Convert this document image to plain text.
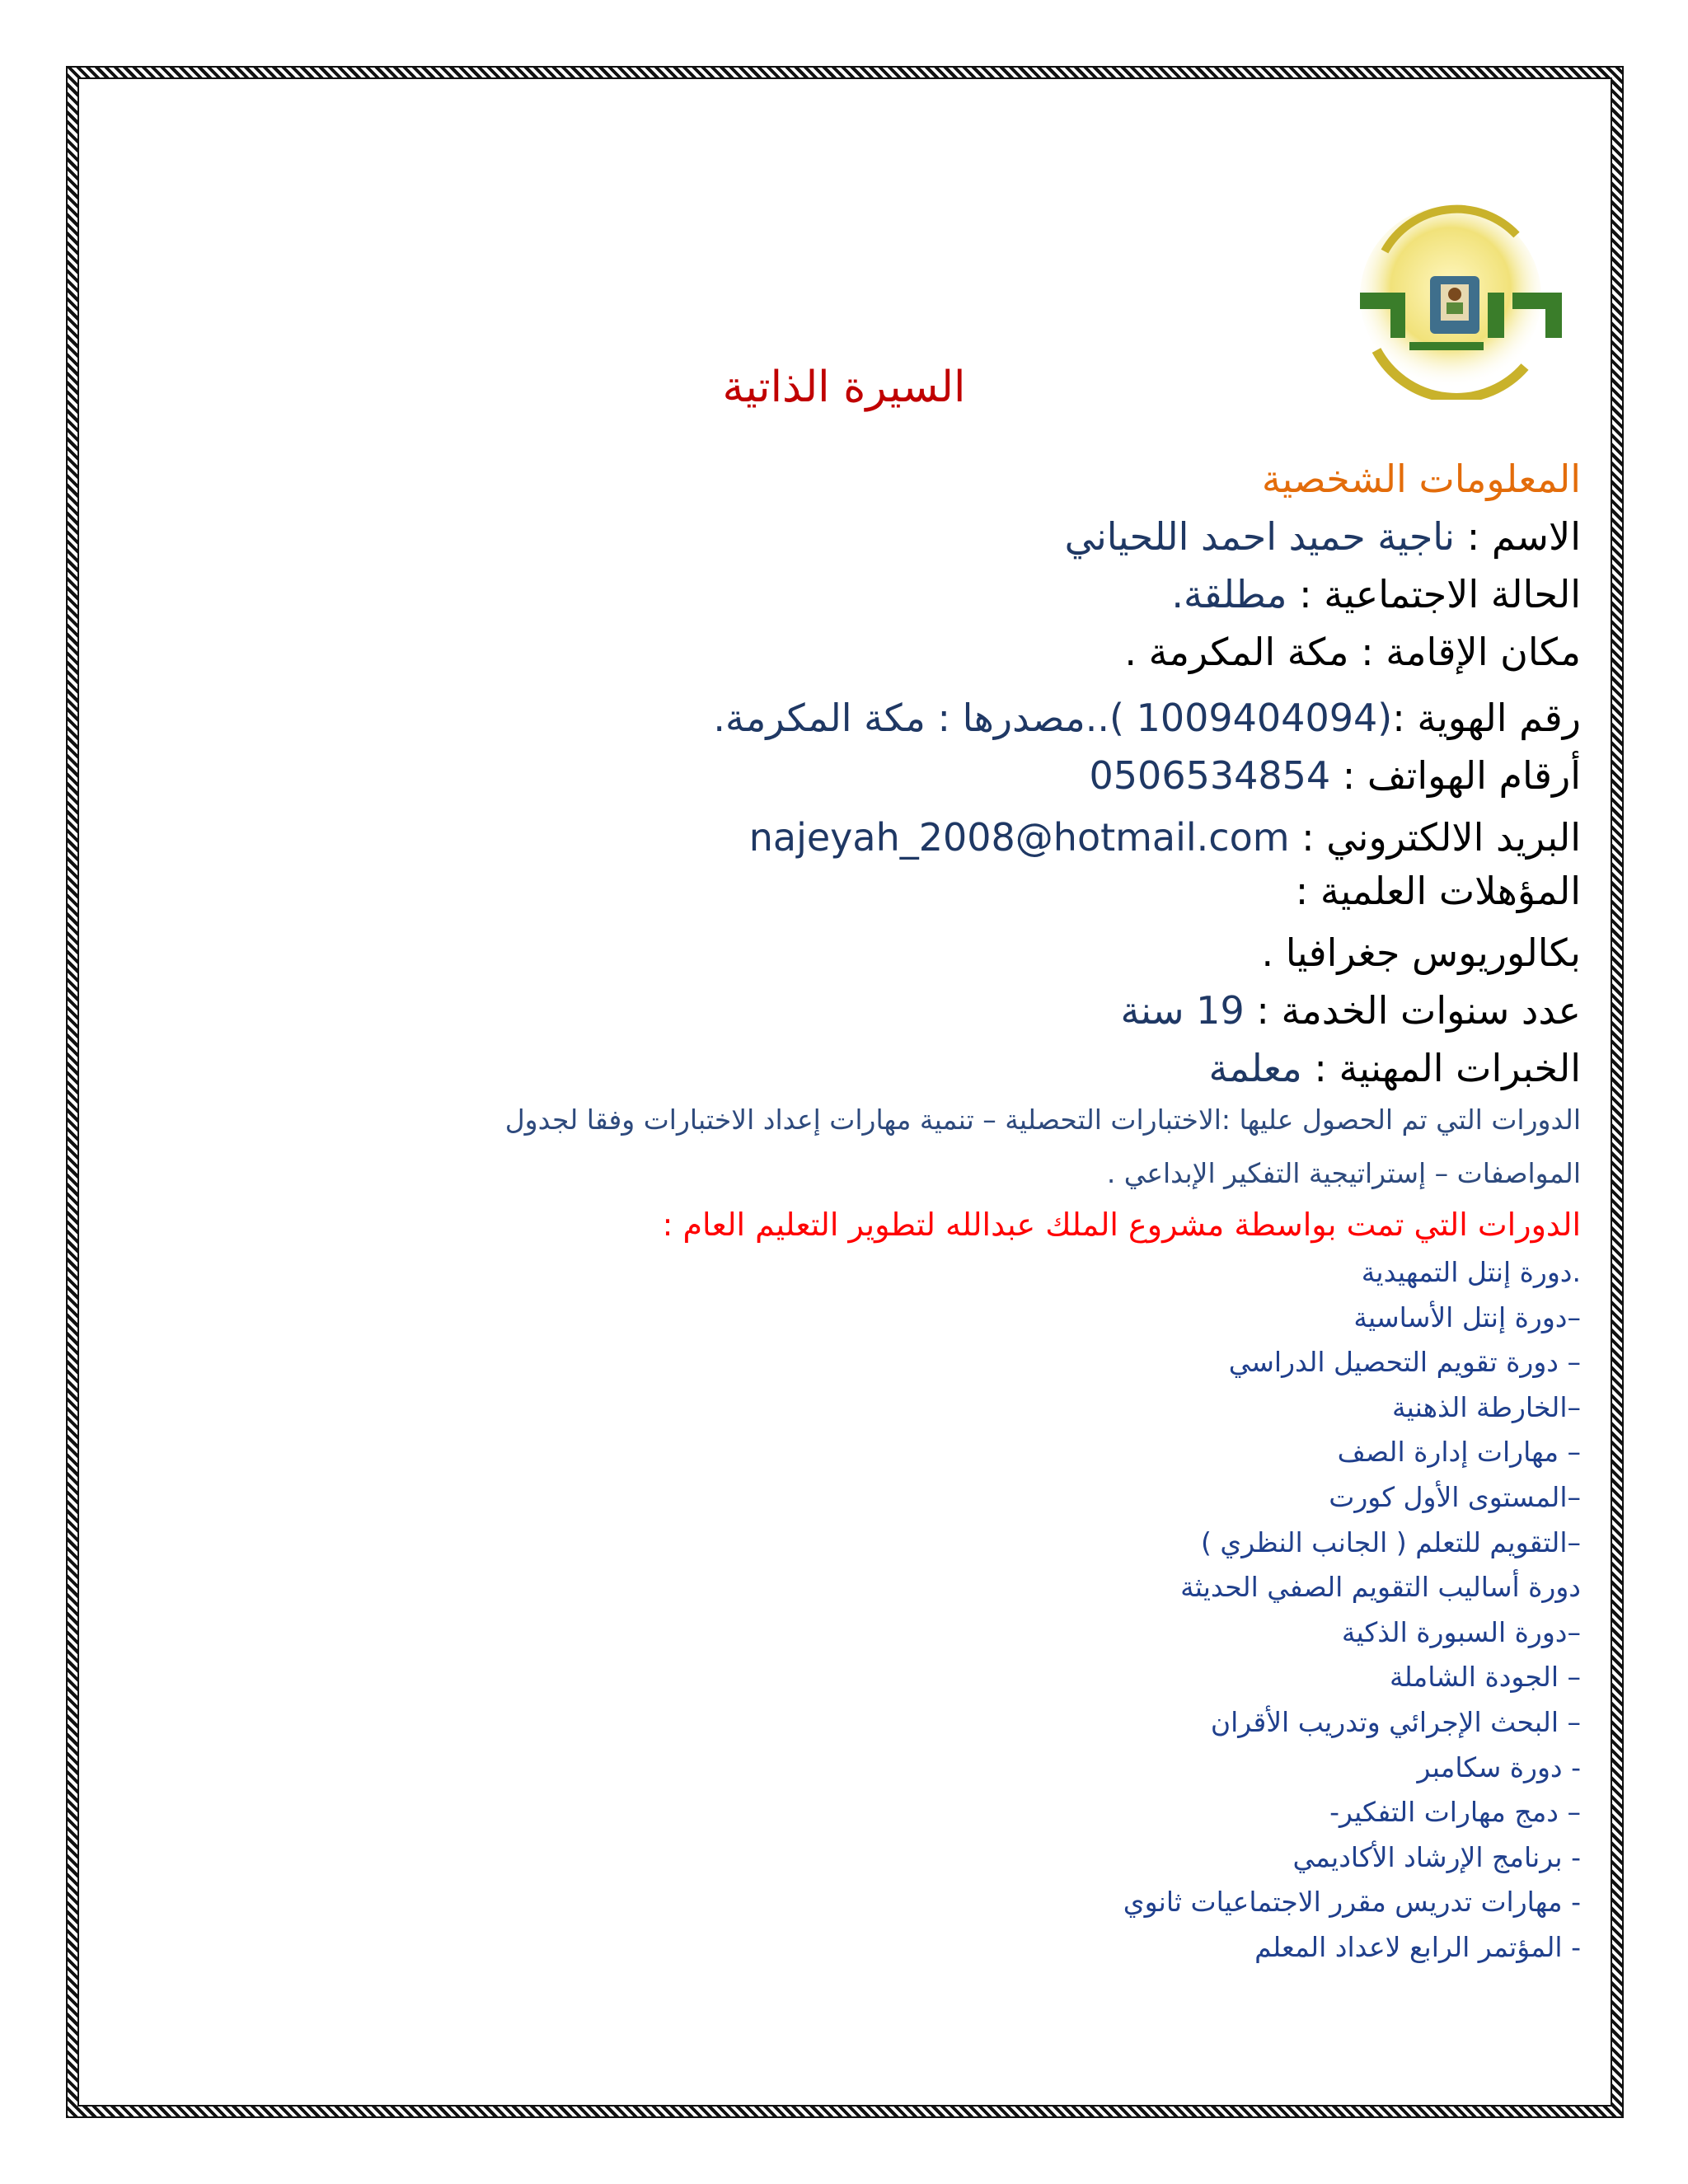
السيرة الذاتية
المعلومات الشخصية
الاسم : ناجية حميد احمد اللحياني
الحالة الاجتماعية : مطلقة.
مكان الإقامة : مكة المكرمة .
رقم الهوية :(1009404094 )..مصدرها : مكة المكرمة.
أرقام الهواتف : 0506534854
البريد الالكتروني : najeyah_2008@hotmail.com
المؤهلات العلمية :
بكالوريوس جغرافيا .
عدد سنوات الخدمة : 19 سنة
الخبرات المهنية : معلمة
الدورات التي تم الحصول عليها :الاختبارات التحصلية – تنمية مهارات إعداد الاختبارات وفقا لجدول
المواصفات – إستراتيجية التفكير الإبداعي .
الدورات التي تمت بواسطة مشروع الملك عبدالله لتطوير التعليم العام :
.دورة إنتل التمهيدية
–دورة إنتل الأساسية
– دورة تقويم التحصيل الدراسي
–الخارطة الذهنية
– مهارات إدارة الصف
–المستوى الأول كورت
–التقويم للتعلم ( الجانب النظري )
دورة أساليب التقويم الصفي الحديثة
–دورة السبورة الذكية
– الجودة الشاملة
– البحث الإجرائي وتدريب الأقران
- دورة سكامبر
– دمج مهارات التفكير-
- برنامج الإرشاد الأكاديمي
- مهارات تدريس مقرر الاجتماعيات ثانوي
- المؤتمر الرابع لاعداد المعلم
